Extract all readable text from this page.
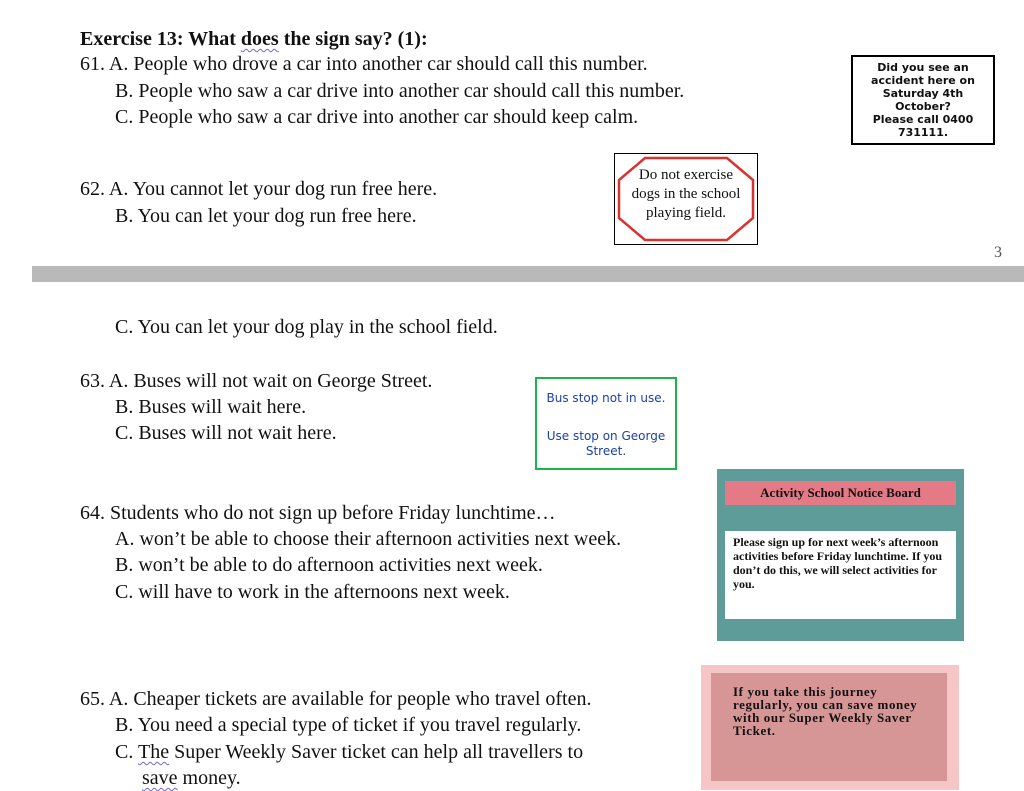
Exercise 13: What does the sign say? (1):
61. A. People who drove a car into another car should call this number.
B. People who saw a car drive into another car should call this number.
C. People who saw a car drive into another car should keep calm.
Did you see an
accident here on
Saturday 4th
October?
Please call 0400
731111.
62. A. You cannot let your dog run free here.
B. You can let your dog run free here.
Do not exercise
dogs in the school
playing field.
3
C. You can let your dog play in the school field.
63. A. Buses will not wait on George Street.
B. Buses will wait here.
C. Buses will not wait here.
Bus stop not in use.
Use stop on George
Street.
64. Students who do not sign up before Friday lunchtime…
A. won’t be able to choose their afternoon activities next week.
B. won’t be able to do afternoon activities next week.
C. will have to work in the afternoons next week.
Activity School Notice Board
Please sign up for next week’s afternoon activities before Friday lunchtime. If you don’t do this, we will select activities for you.
65. A. Cheaper tickets are available for people who travel often.
B. You need a special type of ticket if you travel regularly.
C. The Super Weekly Saver ticket can help all travellers to
save money.
If you take this journey regularly, you can save money with our Super Weekly Saver Ticket.
